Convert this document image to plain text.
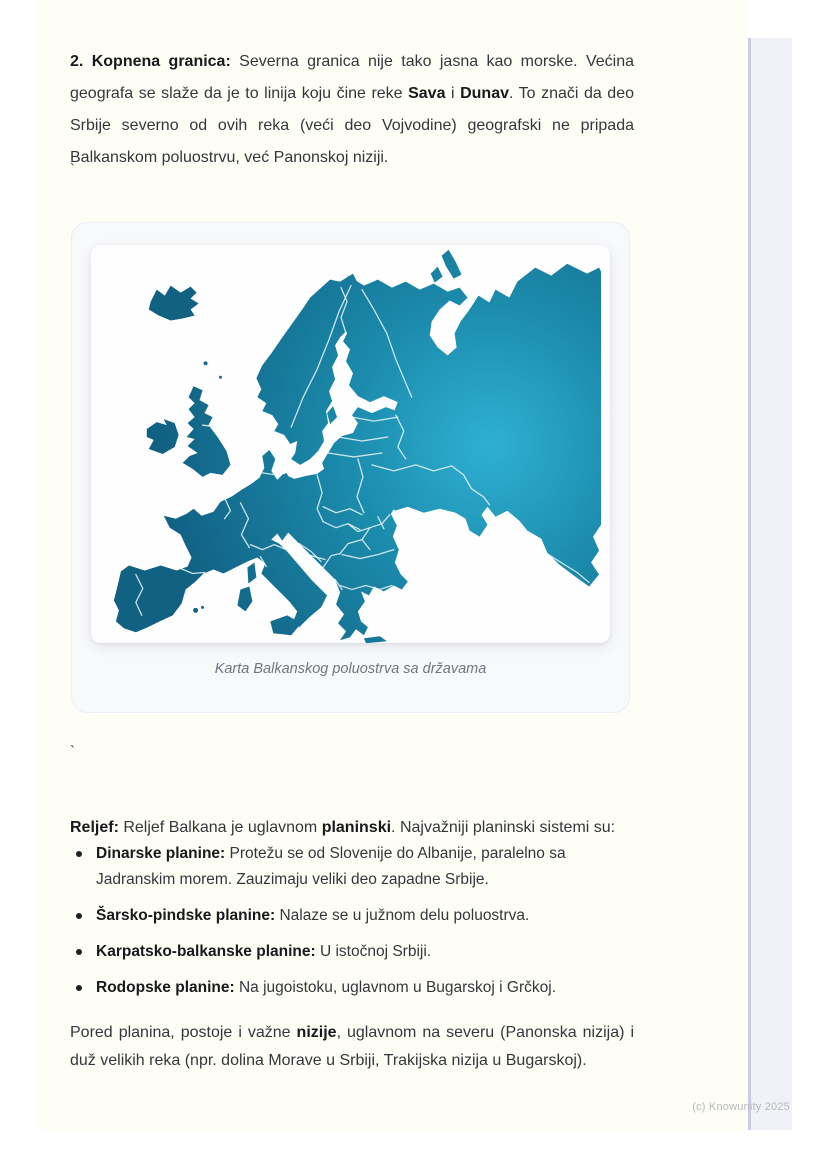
2. Kopnena granica: Severna granica nije tako jasna kao morske. Većina geografa se slaže da je to linija koju čine reke Sava i Dunav. To znači da deo Srbije severno od ovih reka (veći deo Vojvodine) geografski ne pripada Balkanskom poluostrvu, već Panonskoj niziji.

`
Karta Balkanskog poluostrva sa državama
`

Reljef: Reljef Balkana je uglavnom planinski. Najvažniji planinski sistemi su:

Dinarske planine: Protežu se od Slovenije do Albanije, paralelno sa Jadranskim morem. Zauzimaju veliki deo zapadne Srbije.
Šarsko-pindske planine: Nalaze se u južnom delu poluostrva.
Karpatsko-balkanske planine: U istočnoj Srbiji.
Rodopske planine: Na jugoistoku, uglavnom u Bugarskoj i Grčkoj.

Pored planina, postoje i važne nizije, uglavnom na severu (Panonska nizija) i duž velikih reka (npr. dolina Morave u Srbiji, Trakijska nizija u Bugarskoj).

(c) Knowunity 2025
